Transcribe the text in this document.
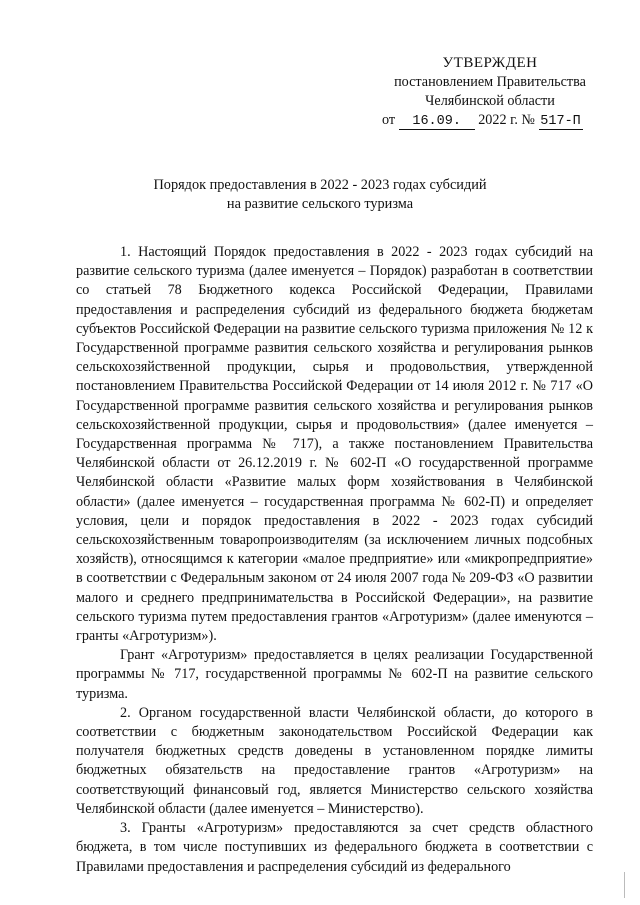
УТВЕРЖДЕН
постановлением Правительства
Челябинской области
от 16.09. 2022 г. № 517-П
Порядок предоставления в 2022 - 2023 годах субсидий
на развитие сельского туризма

1. Настоящий Порядок предоставления в 2022 - 2023 годах субсидий на развитие сельского туризма (далее именуется – Порядок) разработан в соответствии со статьей 78 Бюджетного кодекса Российской Федерации, Правилами предоставления и распределения субсидий из федерального бюджета бюджетам субъектов Российской Федерации на развитие сельского туризма приложения № 12 к Государственной программе развития сельского хозяйства и регулирования рынков сельскохозяйственной продукции, сырья и продовольствия, утвержденной постановлением Правительства Российской Федерации от 14 июля 2012 г. № 717 «О Государственной программе развития сельского хозяйства и регулирования рынков сельскохозяйственной продукции, сырья и продовольствия» (далее именуется – Государственная программа № 717), а также постановлением Правительства Челябинской области от 26.12.2019 г. № 602-П «О государственной программе Челябинской области «Развитие малых форм хозяйствования в Челябинской области» (далее именуется – государственная программа № 602-П) и определяет условия, цели и порядок предоставления в 2022 - 2023 годах субсидий сельскохозяйственным товаропроизводителям (за исключением личных подсобных хозяйств), относящимся к категории «малое предприятие» или «микропредприятие» в соответствии с Федеральным законом от 24 июля 2007 года № 209-ФЗ «О развитии малого и среднего предпринимательства в Российской Федерации», на развитие сельского туризма путем предоставления грантов «Агротуризм» (далее именуются – гранты «Агротуризм»).

Грант «Агротуризм» предоставляется в целях реализации Государственной программы № 717, государственной программы № 602-П на развитие сельского туризма.

2. Органом государственной власти Челябинской области, до которого в соответствии с бюджетным законодательством Российской Федерации как получателя бюджетных средств доведены в установленном порядке лимиты бюджетных обязательств на предоставление грантов «Агротуризм» на соответствующий финансовый год, является Министерство сельского хозяйства Челябинской области (далее именуется – Министерство).

3. Гранты «Агротуризм» предоставляются за счет средств областного бюджета, в том числе поступивших из федерального бюджета в соответствии с Правилами предоставления и распределения субсидий из федерального
